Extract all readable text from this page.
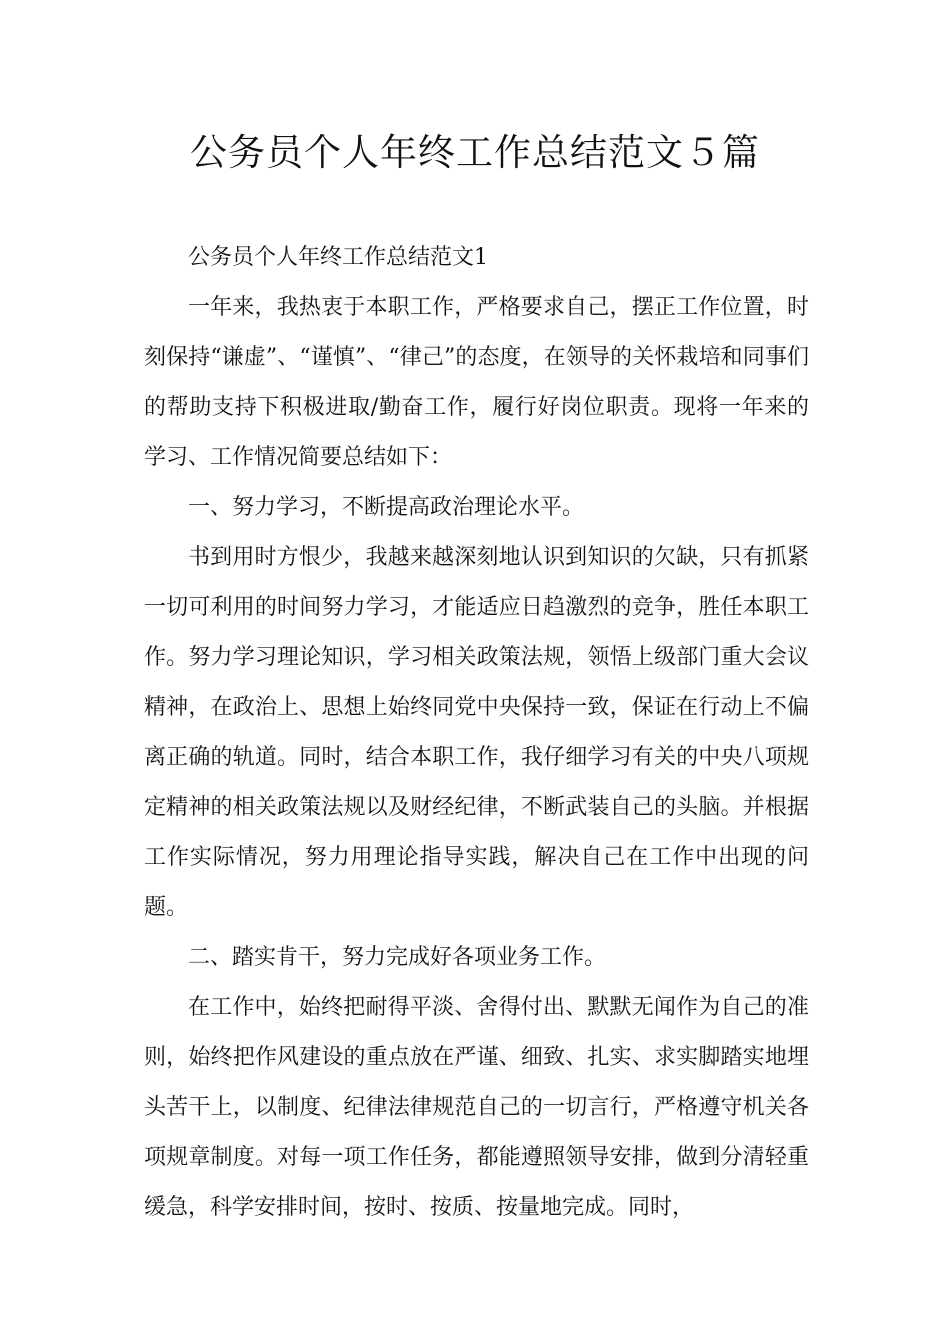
公务员个人年终工作总结范文５篇

公务员个人年终工作总结范文1

一年来，我热衷于本职工作，严格要求自己，摆正工作位置，时刻保持“谦虚”、“谨慎”、“律己”的态度，在领导的关怀栽培和同事们的帮助支持下积极进取/勤奋工作，履行好岗位职责。现将一年来的学习、工作情况简要总结如下：

一、努力学习，不断提高政治理论水平。

书到用时方恨少，我越来越深刻地认识到知识的欠缺，只有抓紧一切可利用的时间努力学习，才能适应日趋激烈的竞争，胜任本职工作。努力学习理论知识，学习相关政策法规，领悟上级部门重大会议精神，在政治上、思想上始终同党中央保持一致，保证在行动上不偏离正确的轨道。同时，结合本职工作，我仔细学习有关的中央八项规定精神的相关政策法规以及财经纪律，不断武装自己的头脑。并根据工作实际情况，努力用理论指导实践，解决自己在工作中出现的问题。

二、踏实肯干，努力完成好各项业务工作。

在工作中，始终把耐得平淡、舍得付出、默默无闻作为自己的准则，始终把作风建设的重点放在严谨、细致、扎实、求实脚踏实地埋头苦干上，以制度、纪律法律规范自己的一切言行，严格遵守机关各项规章制度。对每一项工作任务，都能遵照领导安排，做到分清轻重缓急，科学安排时间，按时、按质、按量地完成。同时，
